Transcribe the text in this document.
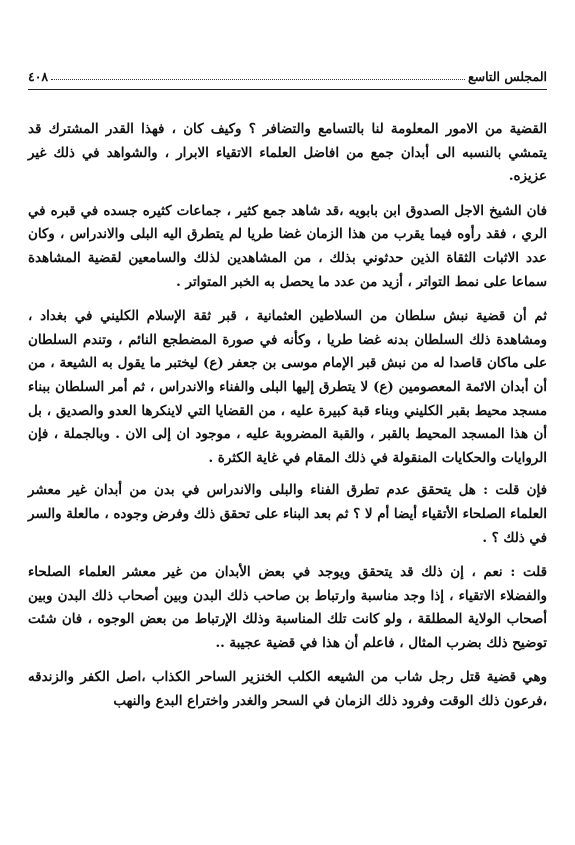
المجلس التاسع
٤٠٨

القضية من الامور المعلومة لنا بالتسامع والتضافر ؟ وكيف كان ، فهذا القدر المشترك قد يتمشي بالنسبه الى أبدان جمع من افاضل العلماء الاتقياء الابرار ، والشواهد في ذلك غير عزيزه.

فان الشيخ الاجل الصدوق ابن بابويه ،قد شاهد جمع كثير ، جماعات كثيره جسده في قبره في الري ، فقد رأوه فيما يقرب من هذا الزمان غضا طريا لم يتطرق اليه البلى والاندراس ، وكان عدد الاثبات الثقاة الذين حدثوني بذلك ، من المشاهدين لذلك والسامعين لقضية المشاهدة سماعا على نمط التواتر ، أزيد من عدد ما يحصل به الخبر المتواتر .

ثم أن قضية نبش سلطان من السلاطين العثمانية ، قبر ثقة الإسلام الكليني في بغداد ، ومشاهدة ذلك السلطان بدنه غضا طريا ، وكأنه في صورة المضطجع النائم ، وتندم السلطان على ماكان قاصدا له من نبش قبر الإمام موسى بن جعفر (ع) ليختبر ما يقول به الشيعة ، من أن أبدان الائمة المعصومين (ع) لا يتطرق إليها البلى والفناء والاندراس ، ثم أمر السلطان ببناء مسجد محيط بقبر الكليني وبناء قبة كبيرة عليه ، من القضايا التي لاينكرها العدو والصديق ، بل أن هذا المسجد المحيط بالقبر ، والقبة المضروبة عليه ، موجود ان إلى الان . وبالجملة ، فإن الروايات والحكايات المنقولة في ذلك المقام في غاية الكثرة .

فإن قلت : هل يتحقق عدم تطرق الفناء والبلى والاندراس في بدن من أبدان غير معشر العلماء الصلحاء الأتقياء أيضا أم لا ؟ ثم بعد البناء على تحقق ذلك وفرض وجوده ، مالعلة والسر في ذلك ؟ .

قلت : نعم ، إن ذلك قد يتحقق ويوجد في بعض الأبدان من غير معشر العلماء الصلحاء والفضلاء الاتقياء ، إذا وجد مناسبة وارتباط بن صاحب ذلك البدن وبين أصحاب ذلك البدن وبين أصحاب الولاية المطلقة ، ولو كانت تلك المناسبة وذلك الإرتباط من بعض الوجوه ، فان شئت توضيح ذلك بضرب المثال ، فاعلم أن هذا في قضية عجيبة ..

وهي قضية قتل رجل شاب من الشيعه الكلب الخنزير الساحر الكذاب ،اصل الكفر والزندقه ،فرعون ذلك الوقت وفرود ذلك الزمان في السحر والغدر واختراع البدع والنهب
